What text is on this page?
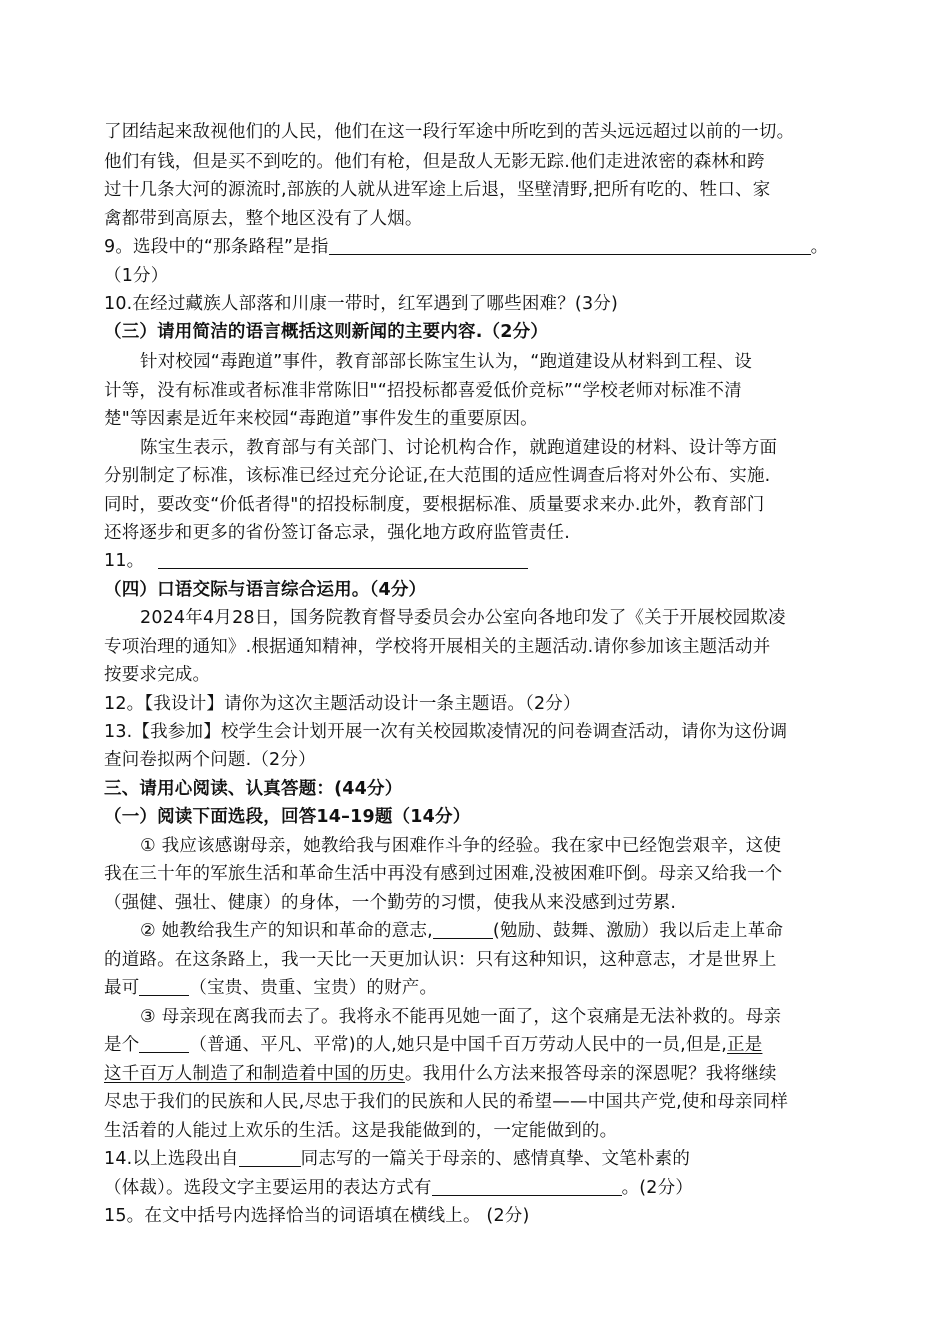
了团结起来敌视他们的人民，他们在这一段行军途中所吃到的苦头远远超过以前的一切。
他们有钱，但是买不到吃的。他们有枪，但是敌人无影无踪.他们走进浓密的森林和跨
过十几条大河的源流时,部族的人就从进军途上后退，坚壁清野,把所有吃的、牲口、家
禽都带到高原去，整个地区没有了人烟。
9。选段中的“那条路程”是指	。
（1分）
10.在经过藏族人部落和川康一带时，红军遇到了哪些困难？(3分)
（三）请用简洁的语言概括这则新闻的主要内容.（2分）
针对校园“毒跑道”事件，教育部部长陈宝生认为，“跑道建设从材料到工程、设
计等，没有标准或者标准非常陈旧"“招投标都喜爱低价竞标”“学校老师对标准不清
楚"等因素是近年来校园“毒跑道”事件发生的重要原因。
陈宝生表示，教育部与有关部门、讨论机构合作，就跑道建设的材料、设计等方面
分别制定了标准，该标准已经过充分论证,在大范围的适应性调查后将对外公布、实施.
同时，要改变“价低者得"的招投标制度，要根据标准、质量要求来办.此外，教育部门
还将逐步和更多的省份签订备忘录，强化地方政府监管责任.
11。
（四）口语交际与语言综合运用。（4分）
2024年4月28日，国务院教育督导委员会办公室向各地印发了《关于开展校园欺凌
专项治理的通知》.根据通知精神，学校将开展相关的主题活动.请你参加该主题活动并
按要求完成。
12。【我设计】请你为这次主题活动设计一条主题语。（2分）
13.【我参加】校学生会计划开展一次有关校园欺凌情况的问卷调查活动，请你为这份调
查问卷拟两个问题.（2分）
三、请用心阅读、认真答题：(44分）
（一）阅读下面选段，回答14–19题（14分）
① 我应该感谢母亲，她教给我与困难作斗争的经验。我在家中已经饱尝艰辛，这使
我在三十年的军旅生活和革命生活中再没有感到过困难,没被困难吓倒。母亲又给我一个
（强健、强壮、健康）的身体，一个勤劳的习惯，使我从来没感到过劳累.
② 她教给我生产的知识和革命的意志,	(勉励、鼓舞、激励）我以后走上革命
的道路。在这条路上，我一天比一天更加认识：只有这种知识，这种意志，才是世界上
最可	（宝贵、贵重、宝贵）的财产。
③ 母亲现在离我而去了。我将永不能再见她一面了，这个哀痛是无法补救的。母亲
是个	（普通、平凡、平常)的人,她只是中国千百万劳动人民中的一员,但是,正是
这千百万人制造了和制造着中国的历史。我用什么方法来报答母亲的深恩呢？我将继续
尽忠于我们的民族和人民,尽忠于我们的民族和人民的希望——中国共产党,使和母亲同样
生活着的人能过上欢乐的生活。这是我能做到的，一定能做到的。
14.以上选段出自	同志写的一篇关于母亲的、感情真挚、文笔朴素的
（体裁）。选段文字主要运用的表达方式有	。(2分）
15。在文中括号内选择恰当的词语填在横线上。 (2分)
